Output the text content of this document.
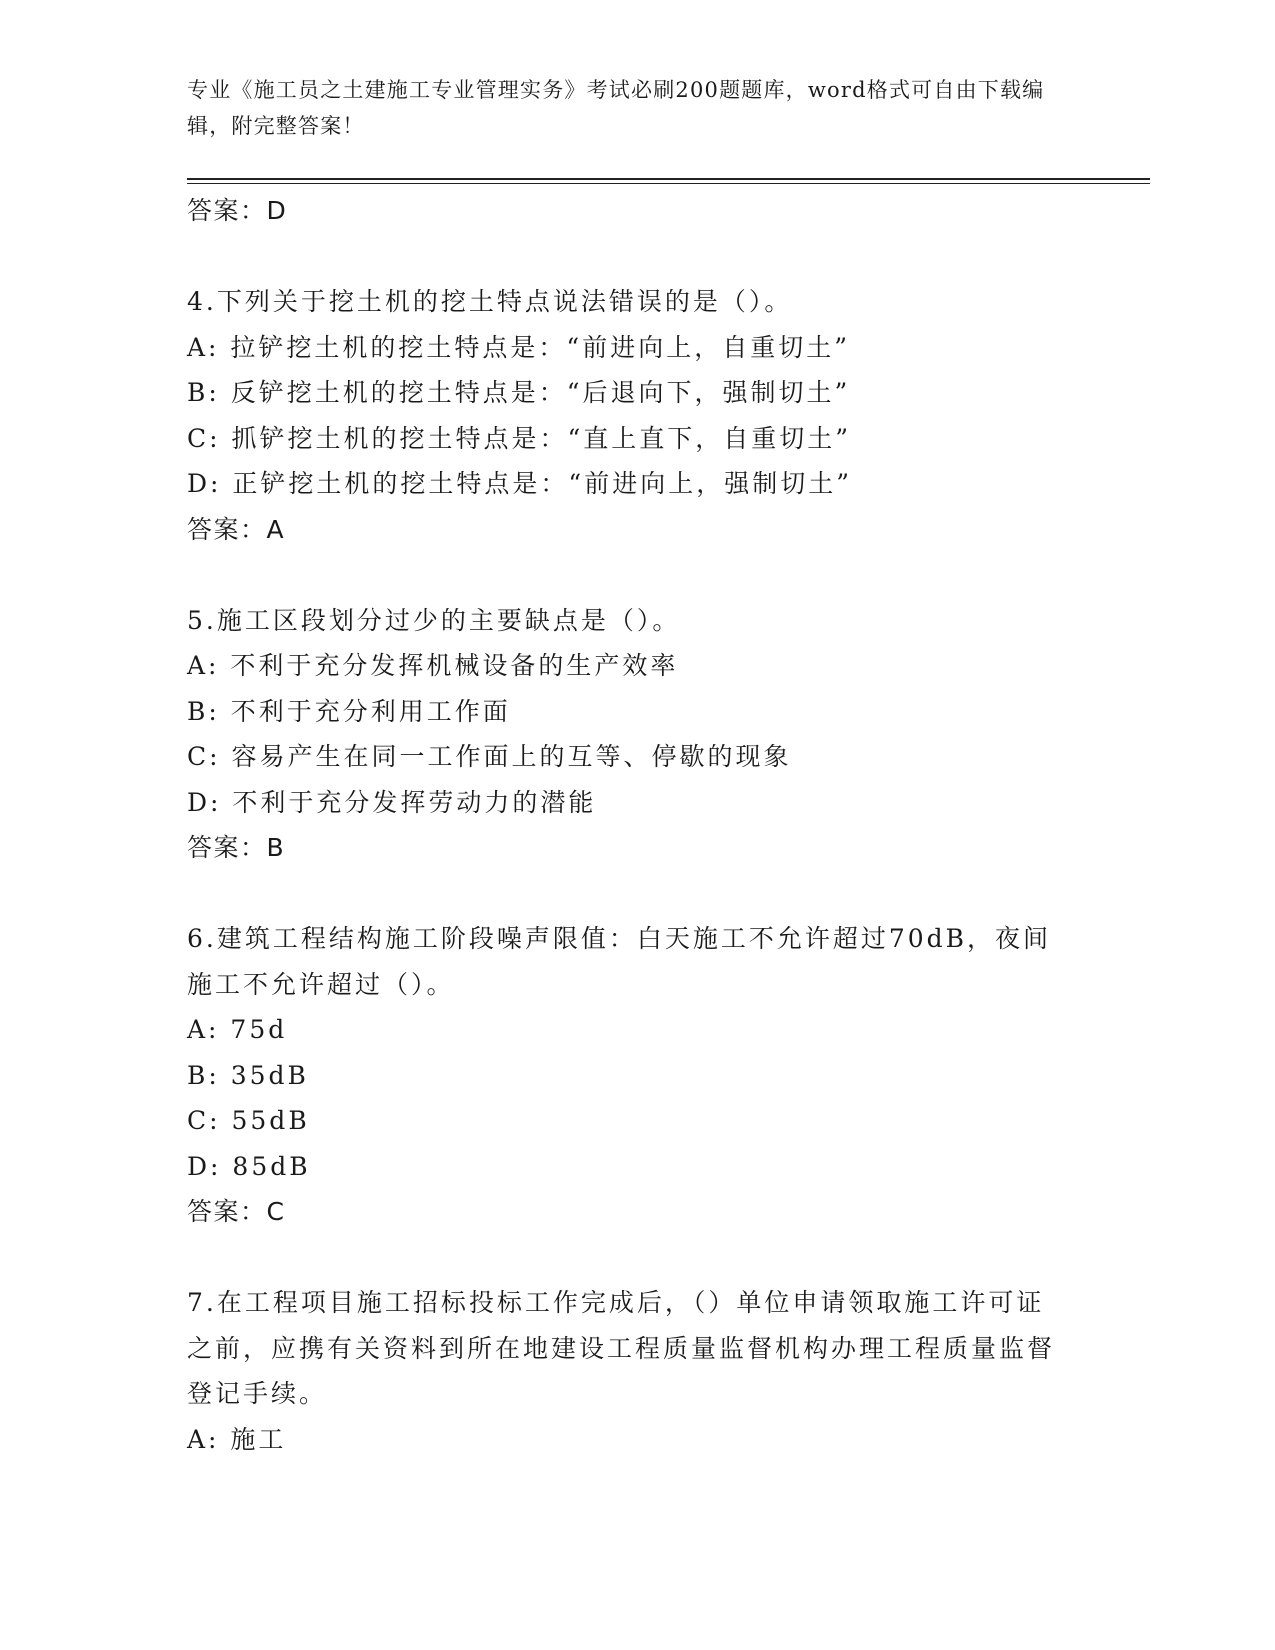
专业《施工员之土建施工专业管理实务》考试必刷200题题库，word格式可自由下载编辑，附完整答案！
答案：D
4.下列关于挖土机的挖土特点说法错误的是（）。
A: 拉铲挖土机的挖土特点是：“前进向上，自重切土”
B: 反铲挖土机的挖土特点是：“后退向下，强制切土”
C: 抓铲挖土机的挖土特点是：“直上直下，自重切土”
D: 正铲挖土机的挖土特点是：“前进向上，强制切土”
答案：A
5.施工区段划分过少的主要缺点是（）。
A: 不利于充分发挥机械设备的生产效率
B: 不利于充分利用工作面
C: 容易产生在同一工作面上的互等、停歇的现象
D: 不利于充分发挥劳动力的潜能
答案：B
6.建筑工程结构施工阶段噪声限值：白天施工不允许超过70dB，夜间施工不允许超过（）。
A: 75d
B: 35dB
C: 55dB
D: 85dB
答案：C
7.在工程项目施工招标投标工作完成后，（）单位申请领取施工许可证之前，应携有关资料到所在地建设工程质量监督机构办理工程质量监督登记手续。
A: 施工
